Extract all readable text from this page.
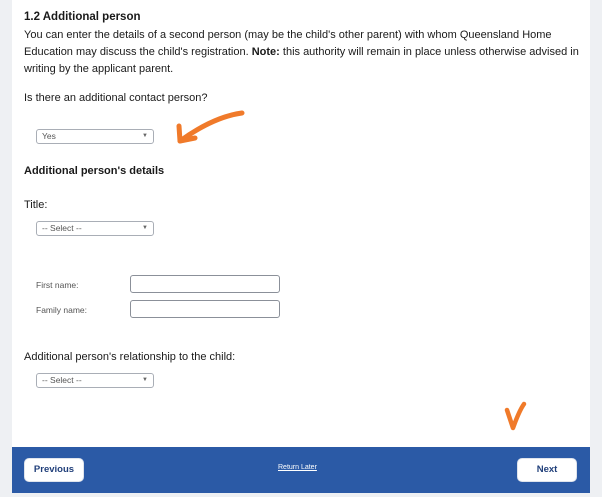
1.2 Additional person
You can enter the details of a second person (may be the child's other parent) with whom Queensland Home Education may discuss the child's registration. Note: this authority will remain in place unless otherwise advised in writing by the applicant parent.
Is there an additional contact person?
Yes	▼
Additional person's details
Title:
-- Select --	▼
First name:
Family name:
Additional person's relationship to the child:
-- Select --	▼
Previous	Return Later	Next
